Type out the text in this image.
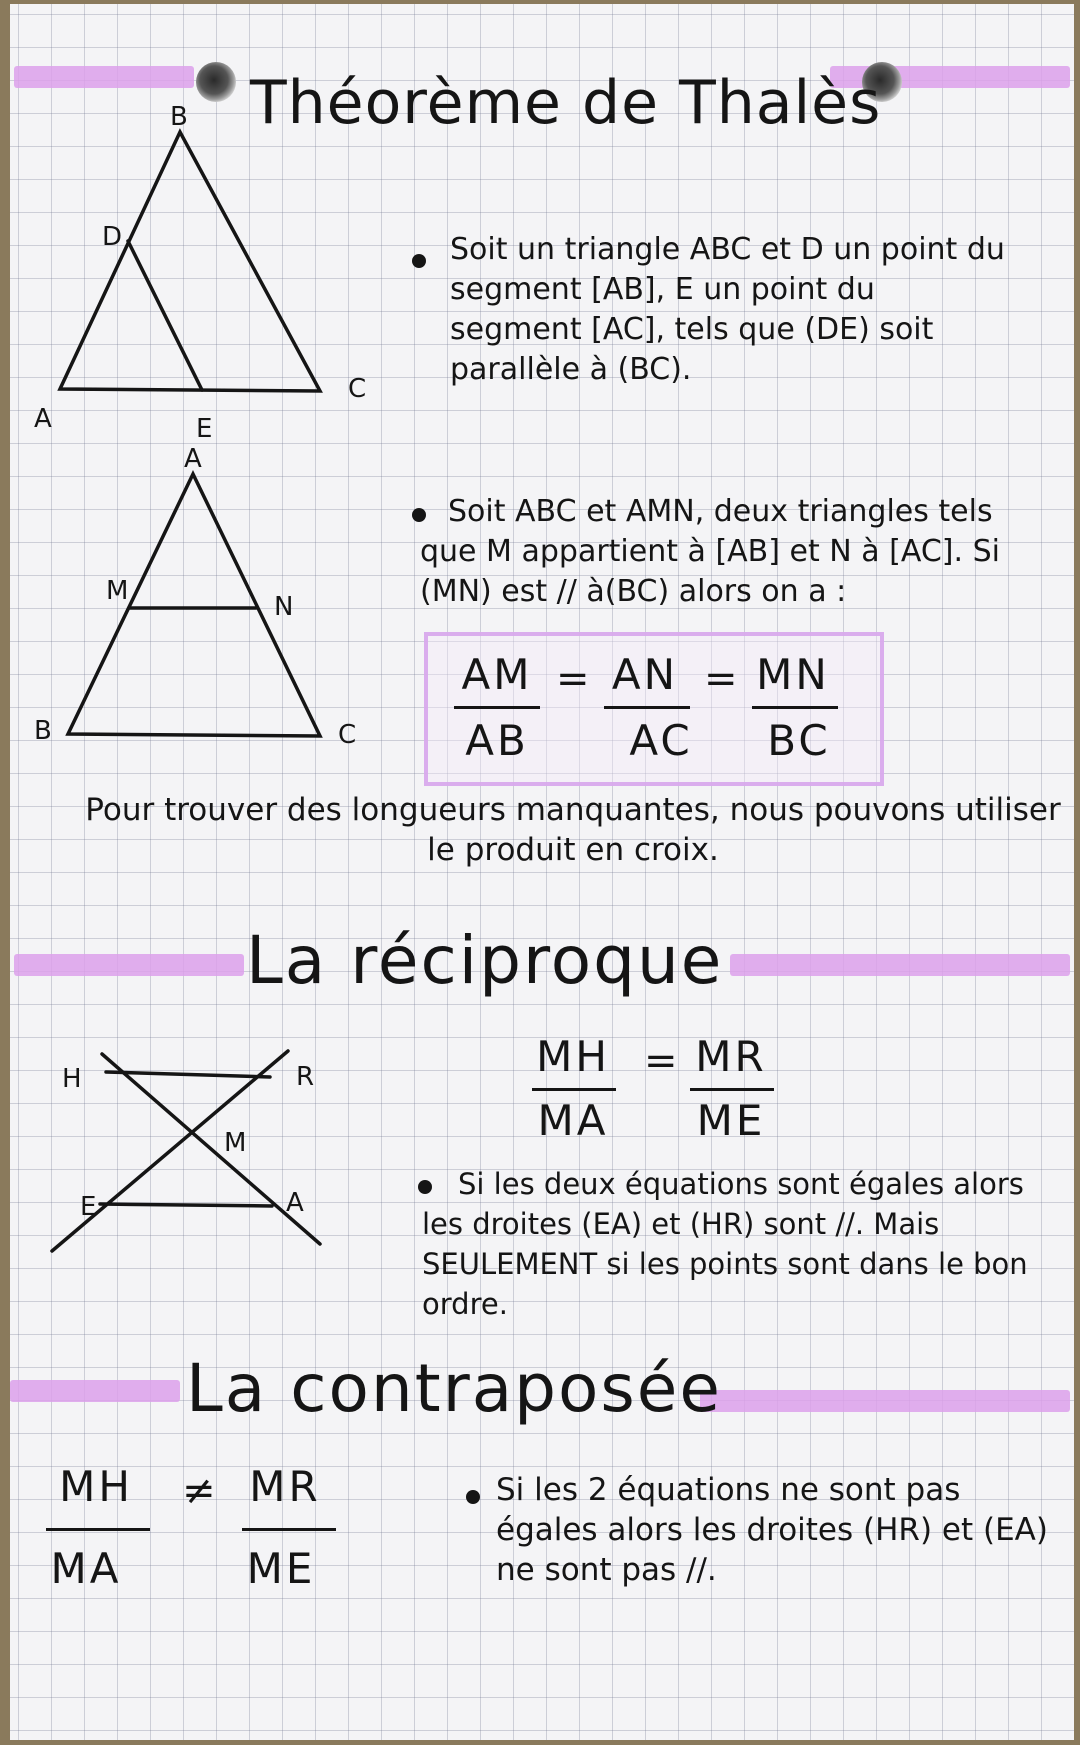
Théorème de Thalès
B
D
C
A	E
A
M
N
B	C
Soit un triangle ABC et D un point du segment [AB], E un point du segment [AC], tels que (DE) soit parallèle à (BC).
Soit ABC et AMN, deux triangles tels que M appartient à [AB] et N à [AC]. Si (MN) est // à(BC) alors on a :
AM
AB
= AN
AC
= MN
BC
Pour trouver des longueurs manquantes, nous pouvons utiliser le produit en croix.
La réciproque
MH
MA
= MR
ME
H	R
M
E	A
Si les deux équations sont égales alors les droites (EA) et (HR) sont //. Mais SEULEMENT si les points sont dans le bon ordre.
La contraposée
MH
MA
≠ MR
ME
Si les 2 équations ne sont pas égales alors les droites (HR) et (EA) ne sont pas //.
